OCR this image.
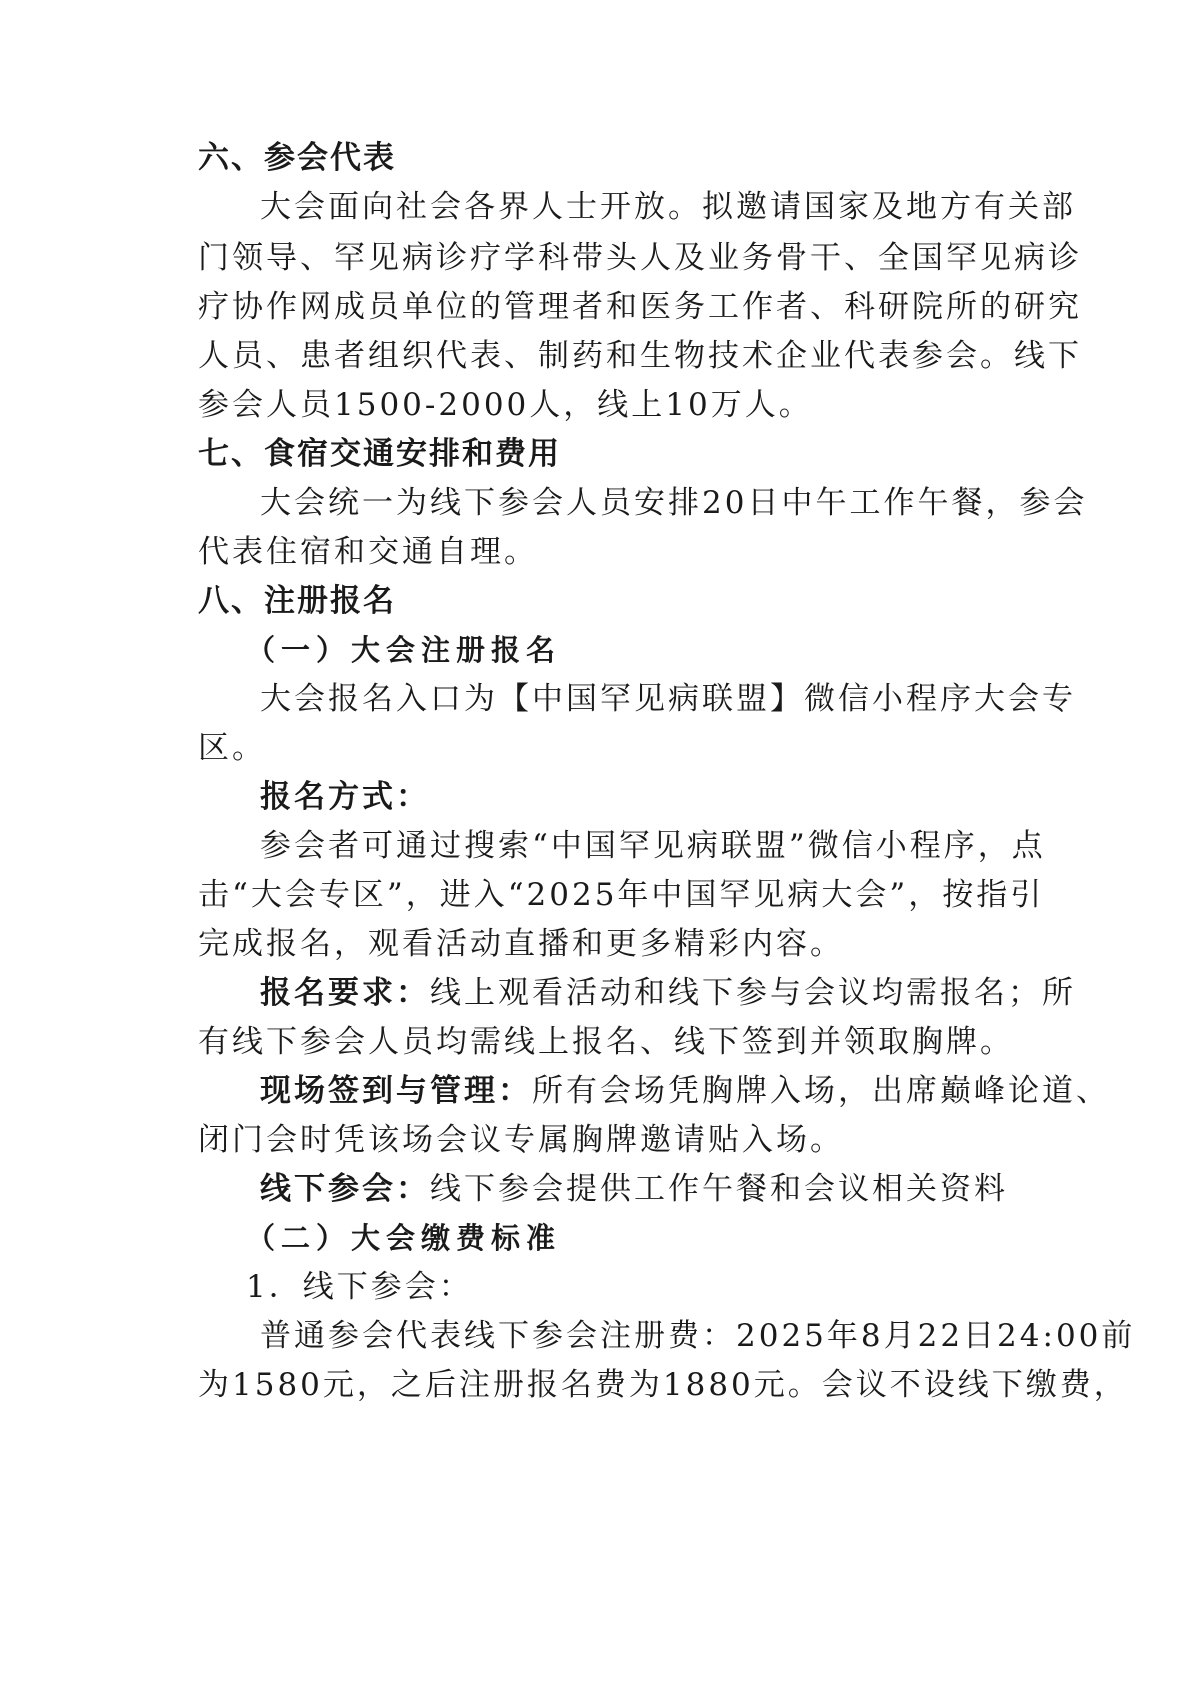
六、参会代表
大会面向社会各界人士开放。拟邀请国家及地方有关部
门领导、罕见病诊疗学科带头人及业务骨干、全国罕见病诊
疗协作网成员单位的管理者和医务工作者、科研院所的研究
人员、患者组织代表、制药和生物技术企业代表参会。线下
参会人员1500-2000人，线上10万人。
七、食宿交通安排和费用
大会统一为线下参会人员安排20日中午工作午餐，参会
代表住宿和交通自理。
八、注册报名
（一）大会注册报名
大会报名入口为【中国罕见病联盟】微信小程序大会专
区。
报名方式：
参会者可通过搜索“中国罕见病联盟”微信小程序，点
击“大会专区”，进入“2025年中国罕见病大会”，按指引
完成报名，观看活动直播和更多精彩内容。
报名要求：线上观看活动和线下参与会议均需报名；所
有线下参会人员均需线上报名、线下签到并领取胸牌。
现场签到与管理：所有会场凭胸牌入场，出席巅峰论道、
闭门会时凭该场会议专属胸牌邀请贴入场。
线下参会：线下参会提供工作午餐和会议相关资料
（二）大会缴费标准
1．线下参会：
普通参会代表线下参会注册费：2025年8月22日24:00前
为1580元，之后注册报名费为1880元。会议不设线下缴费，
